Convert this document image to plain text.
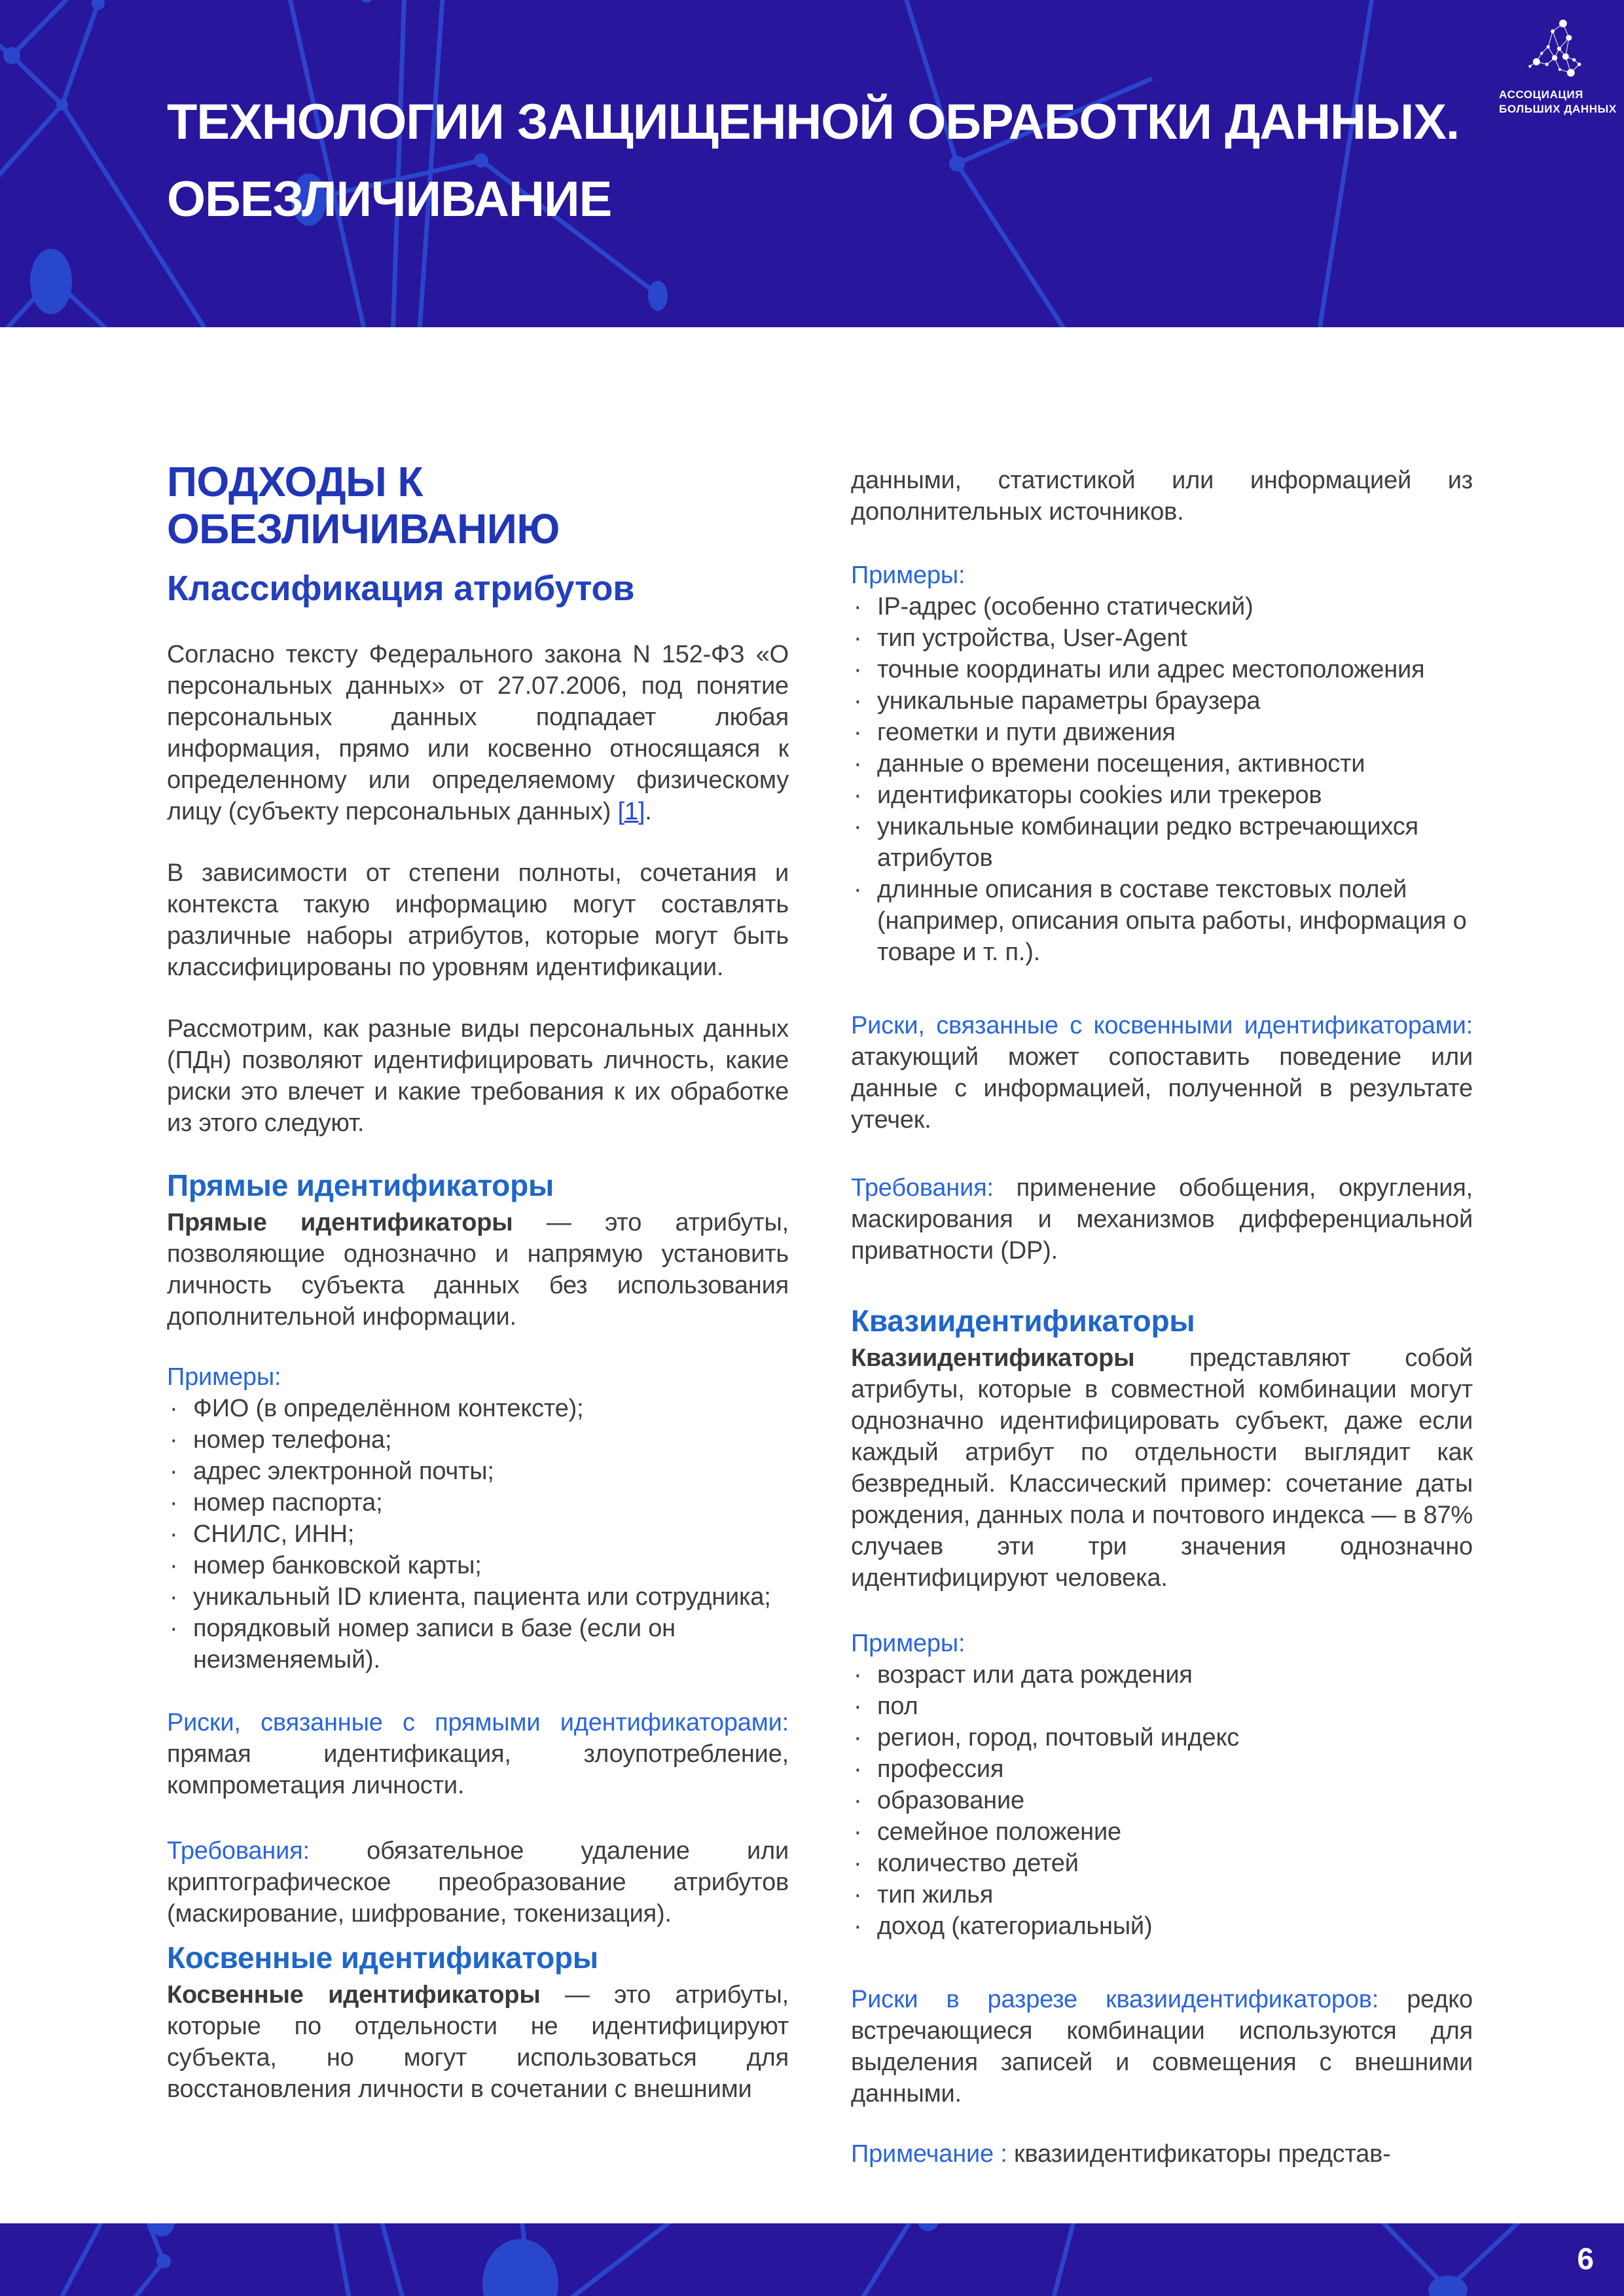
ТЕХНОЛОГИИ ЗАЩИЩЕННОЙ ОБРАБОТКИ ДАННЫХ.
ОБЕЗЛИЧИВАНИЕ
АССОЦИАЦИЯ
БОЛЬШИХ ДАННЫХ
ПОДХОДЫ К ОБЕЗЛИЧИВАНИЮ
Классификация атрибутов

Согласно тексту Федерального закона N 152-ФЗ «О персональных данных» от 27.07.2006, под понятие персональных данных подпадает любая информация, прямо или косвенно относящаяся к определенному или определяемому физическому лицу (субъекту персональных данных) [1].

В зависимости от степени полноты, сочетания и контекста такую информацию могут составлять различные наборы атрибутов, которые могут быть классифицированы по уровням идентификации.

Рассмотрим, как разные виды персональных данных (ПДн) позволяют идентифицировать личность, какие риски это влечет и какие требования к их обработке из этого следуют.

Прямые идентификаторы

Прямые идентификаторы — это атрибуты, позволяющие однозначно и напрямую установить личность субъекта данных без использования дополнительной информации.

Примеры:

· ФИО (в определённом контексте);
· номер телефона;
· адрес электронной почты;
· номер паспорта;
· СНИЛС, ИНН;
· номер банковской карты;
· уникальный ID клиента, пациента или сотрудника;
· порядковый номер записи в базе (если он неизменяемый).

Риски, связанные с прямыми идентификаторами: прямая идентификация, злоупотребление, компрометация личности.

Требования: обязательное удаление или криптографическое преобразование атрибутов (маскирование, шифрование, токенизация).

Косвенные идентификаторы

Косвенные идентификаторы — это атрибуты, которые по отдельности не идентифицируют субъекта, но могут использоваться для восстановления личности в сочетании с внешними

данными, статистикой или информацией из дополнительных источников.

Примеры:

· IP-адрес (особенно статический)
· тип устройства, User-Agent
· точные координаты или адрес местоположения
· уникальные параметры браузера
· геометки и пути движения
· данные о времени посещения, активности
· идентификаторы cookies или трекеров
· уникальные комбинации редко встречающихся атрибутов
· длинные описания в составе текстовых полей (например, описания опыта работы, информация о товаре и т. п.).

Риски, связанные с косвенными идентификаторами: атакующий может сопоставить поведение или данные с информацией, полученной в результате утечек.

Требования: применение обобщения, округления, маскирования и механизмов дифференциальной приватности (DP).

Квазиидентификаторы

Квазиидентификаторы представляют собой атрибуты, которые в совместной комбинации могут однозначно идентифицировать субъект, даже если каждый атрибут по отдельности выглядит как безвредный. Классический пример: сочетание даты рождения, данных пола и почтового индекса — в 87% случаев эти три значения однозначно идентифицируют человека.

Примеры:

· возраст или дата рождения
· пол
· регион, город, почтовый индекс
· профессия
· образование
· семейное положение
· количество детей
· тип жилья
· доход (категориальный)

Риски в разрезе квазиидентификаторов: редко встречающиеся комбинации используются для выделения записей и совмещения с внешними данными.

Примечание : квазиидентификаторы представ-

6
